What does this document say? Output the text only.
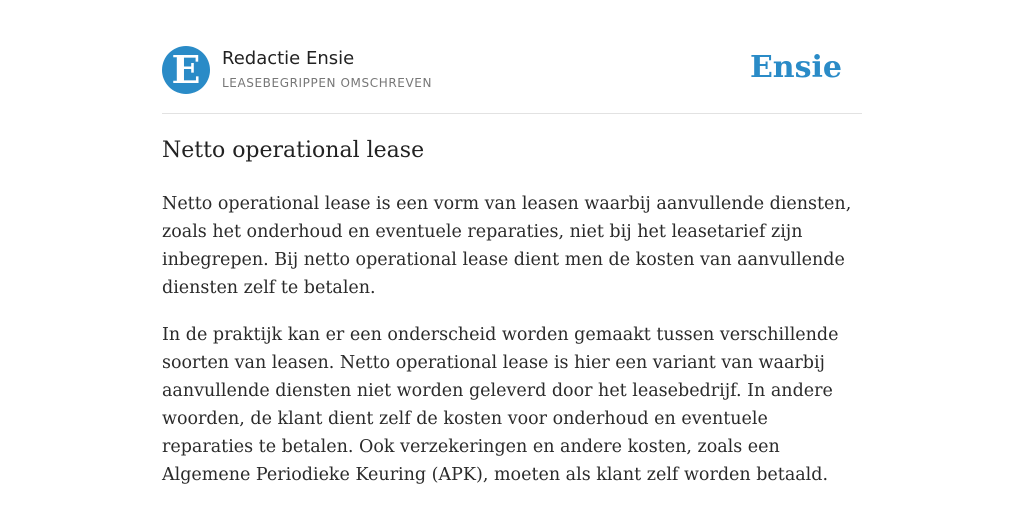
E	Redactie Ensie
LEASEBEGRIPPEN OMSCHREVEN	Ensie
Netto operational lease

Netto operational lease is een vorm van leasen waarbij aanvullende diensten, zoals het onderhoud en eventuele reparaties, niet bij het leasetarief zijn inbegrepen. Bij netto operational lease dient men de kosten van aanvullende diensten zelf te betalen.

In de praktijk kan er een onderscheid worden gemaakt tussen verschillende soorten van leasen. Netto operational lease is hier een variant van waarbij aanvullende diensten niet worden geleverd door het leasebedrijf. In andere woorden, de klant dient zelf de kosten voor onderhoud en eventuele reparaties te betalen. Ook verzekeringen en andere kosten, zoals een Algemene Periodieke Keuring (APK), moeten als klant zelf worden betaald.
